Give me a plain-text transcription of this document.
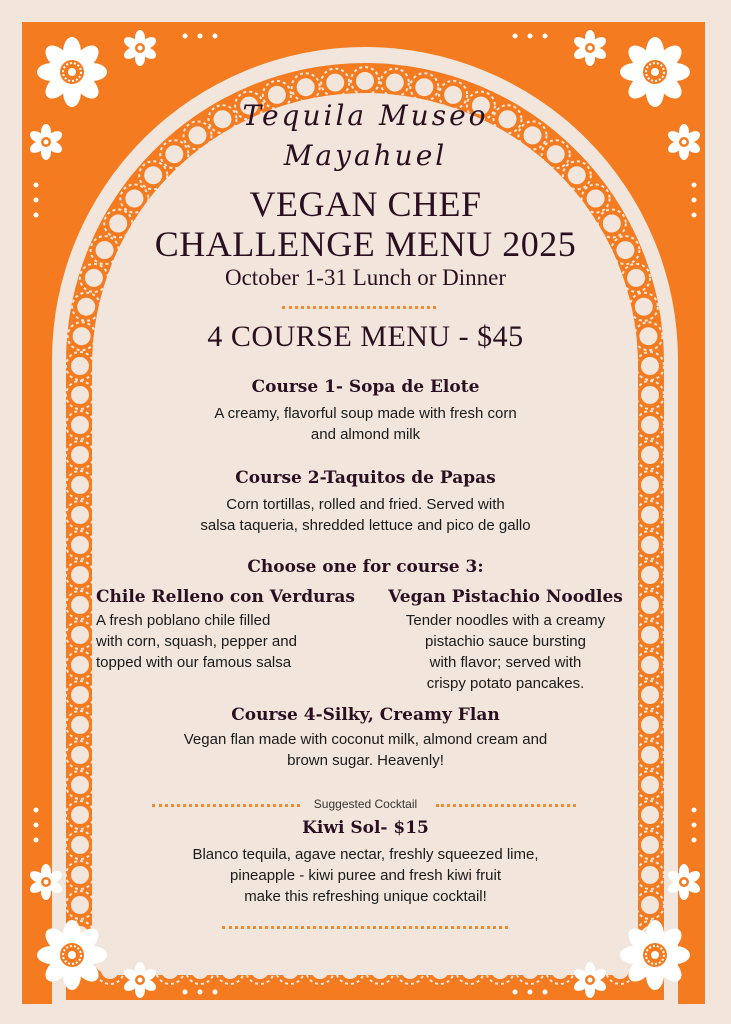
Tequila Museo
Mayahuel
VEGAN CHEF
CHALLENGE MENU 2025
October 1-31 Lunch or Dinner
4 COURSE MENU - $45
Course 1- Sopa de Elote
A creamy, flavorful soup made with fresh corn
and almond milk
Course 2-Taquitos de Papas
Corn tortillas, rolled and fried. Served with
salsa taqueria, shredded lettuce and pico de gallo
Choose one for course 3:
Chile Relleno con Verduras
A fresh poblano chile filled
with corn, squash, pepper and
topped with our famous salsa
Vegan Pistachio Noodles
Tender noodles with a creamy
pistachio sauce bursting
with flavor; served with
crispy potato pancakes.
Course 4-Silky, Creamy Flan
Vegan flan made with coconut milk, almond cream and
brown sugar. Heavenly!
Suggested Cocktail
Kiwi Sol- $15
Blanco tequila, agave nectar, freshly squeezed lime,
pineapple - kiwi puree and fresh kiwi fruit
make this refreshing unique cocktail!
